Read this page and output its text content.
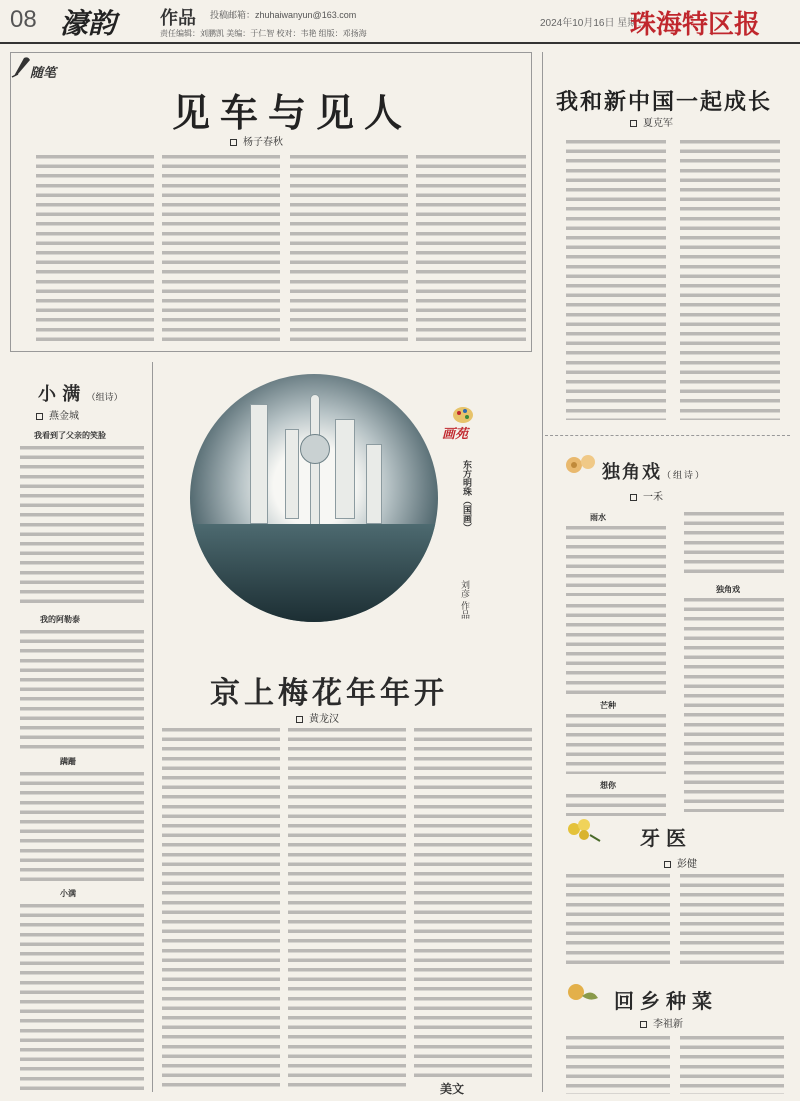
08 濠韵 作品 投稿邮箱：zhuhaiwanyun@163.com
责任编辑：刘鹏凯 美编：于仁智 校对：韦艳 组版：邓扬海
2024年10月16日 星期三
珠海特区报
随笔
见车与见人
杨子春秋
我和新中国一起成长
夏克军
小 满 （组诗）
燕金城
我看到了父亲的笑脸
我的阿勒泰
蹒跚
小满
画苑
东方明珠（国画）
刘彦 作品
京上梅花年年开
黄龙汉
美文
独角戏（组诗）
一禾
雨水
芒种
想你
独角戏
牙医
彭健
回乡种菜
李祖新
